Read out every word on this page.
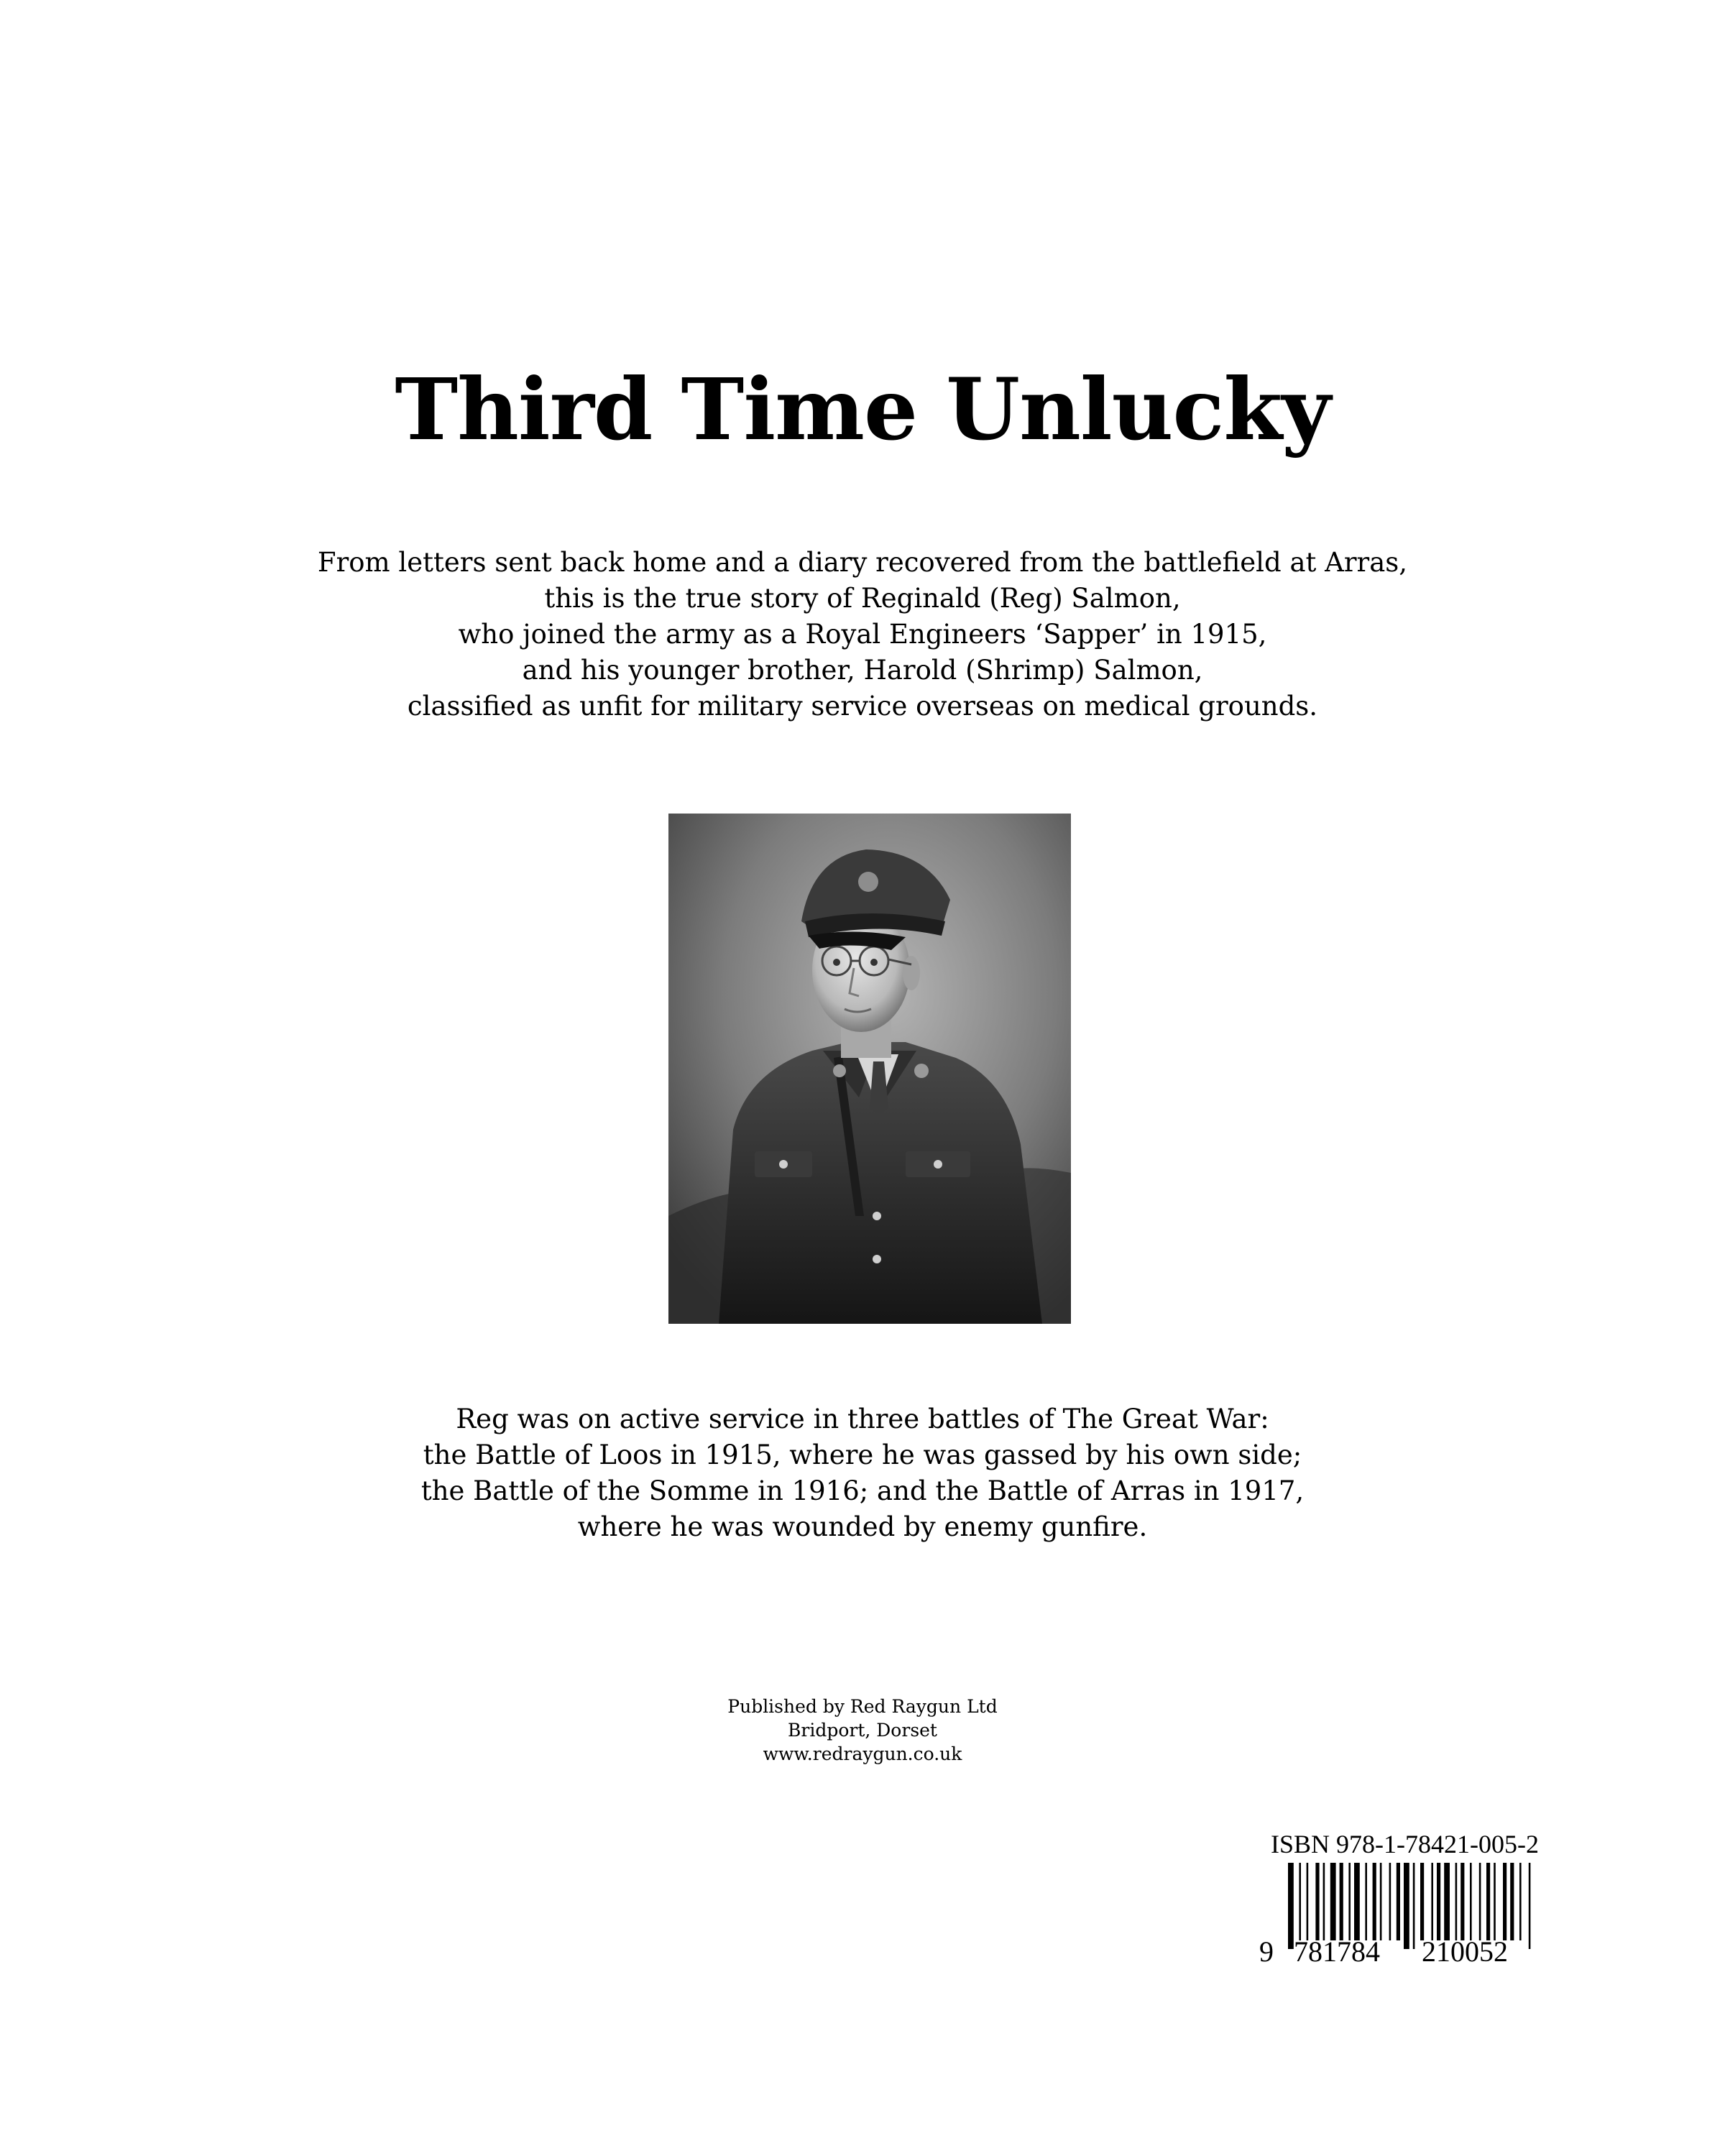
Third Time Unlucky
From letters sent back home and a diary recovered from the battlefield at Arras,
this is the true story of Reginald (Reg) Salmon,
who joined the army as a Royal Engineers ‘Sapper’ in 1915,
and his younger brother, Harold (Shrimp) Salmon,
classified as unfit for military service overseas on medical grounds.
Reg was on active service in three battles of The Great War:
the Battle of Loos in 1915, where he was gassed by his own side;
the Battle of the Somme in 1916; and the Battle of Arras in 1917,
where he was wounded by enemy gunfire.
Published by Red Raygun Ltd
Bridport, Dorset
www.redraygun.co.uk
ISBN 978-1-78421-005-2
9 781784 210052
